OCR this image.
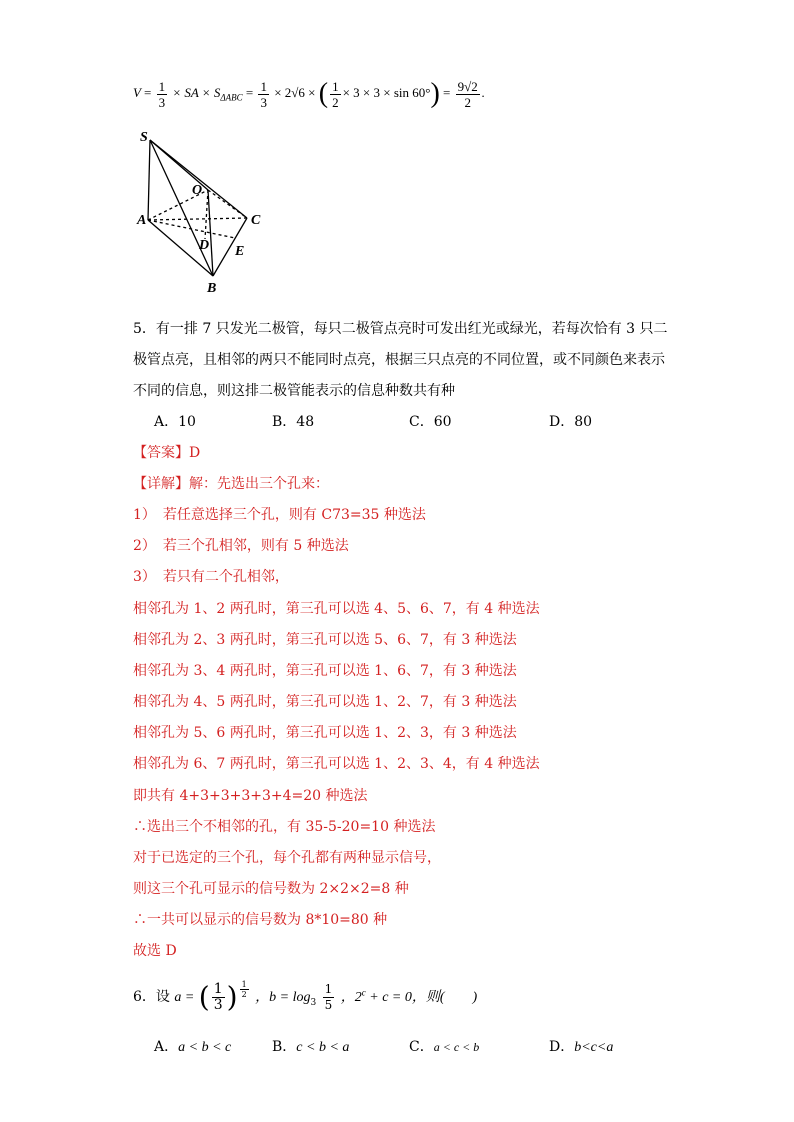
$V = \frac{1}{3}$ × SA × $S_{\Delta ABC} = \frac{1}{3} \times 2√6$ × ( $\frac{1}{2} \times 3 \times 3 \times \sin 60^\circ) = \frac{9√2}{2}$ .
S
O
A	C
D E
B
5．有一排 7 只发光二极管，每只二极管点亮时可发出红光或绿光，若每次恰有 3 只二
极管点亮，且相邻的两只不能同时点亮，根据三只点亮的不同位置，或不同颜色来表示
不同的信息，则这排二极管能表示的信息种数共有种
A．10	B．48	C．60	D．80
【答案】D
【详解】解：先选出三个孔来：
1）　若任意选择三个孔，则有 C73=35 种选法
2）　若三个孔相邻，则有 5 种选法
3）　若只有二个孔相邻，
相邻孔为 1、2 两孔时，第三孔可以选 4、5、6、7，有 4 种选法
相邻孔为 2、3 两孔时，第三孔可以选 5、6、7，有 3 种选法
相邻孔为 3、4 两孔时，第三孔可以选 1、6、7，有 3 种选法
相邻孔为 4、5 两孔时，第三孔可以选 1、2、7，有 3 种选法
相邻孔为 5、6 两孔时，第三孔可以选 1、2、3，有 3 种选法
相邻孔为 6、7 两孔时，第三孔可以选 1、2、3、4，有 4 种选法
即共有 4+3+3+3+3+4=20 种选法
∴选出三个不相邻的孔，有 35-5-20=10 种选法
对于已选定的三个孔，每个孔都有两种显示信号，
则这三个孔可显示的信号数为 2×2×2=8 种
∴一共可以显示的信号数为 8*10=80 种
故选 D
6．设 a = ( $\frac{1}{3}$ ) $^{\frac{1}{2}}$ ，$b = \log_3 \frac{1}{5}$ ，$2^c + c = 0$，则(　　)
A．a < b < c	B．c < b < a	C．a < c < b	D．b<c<a
